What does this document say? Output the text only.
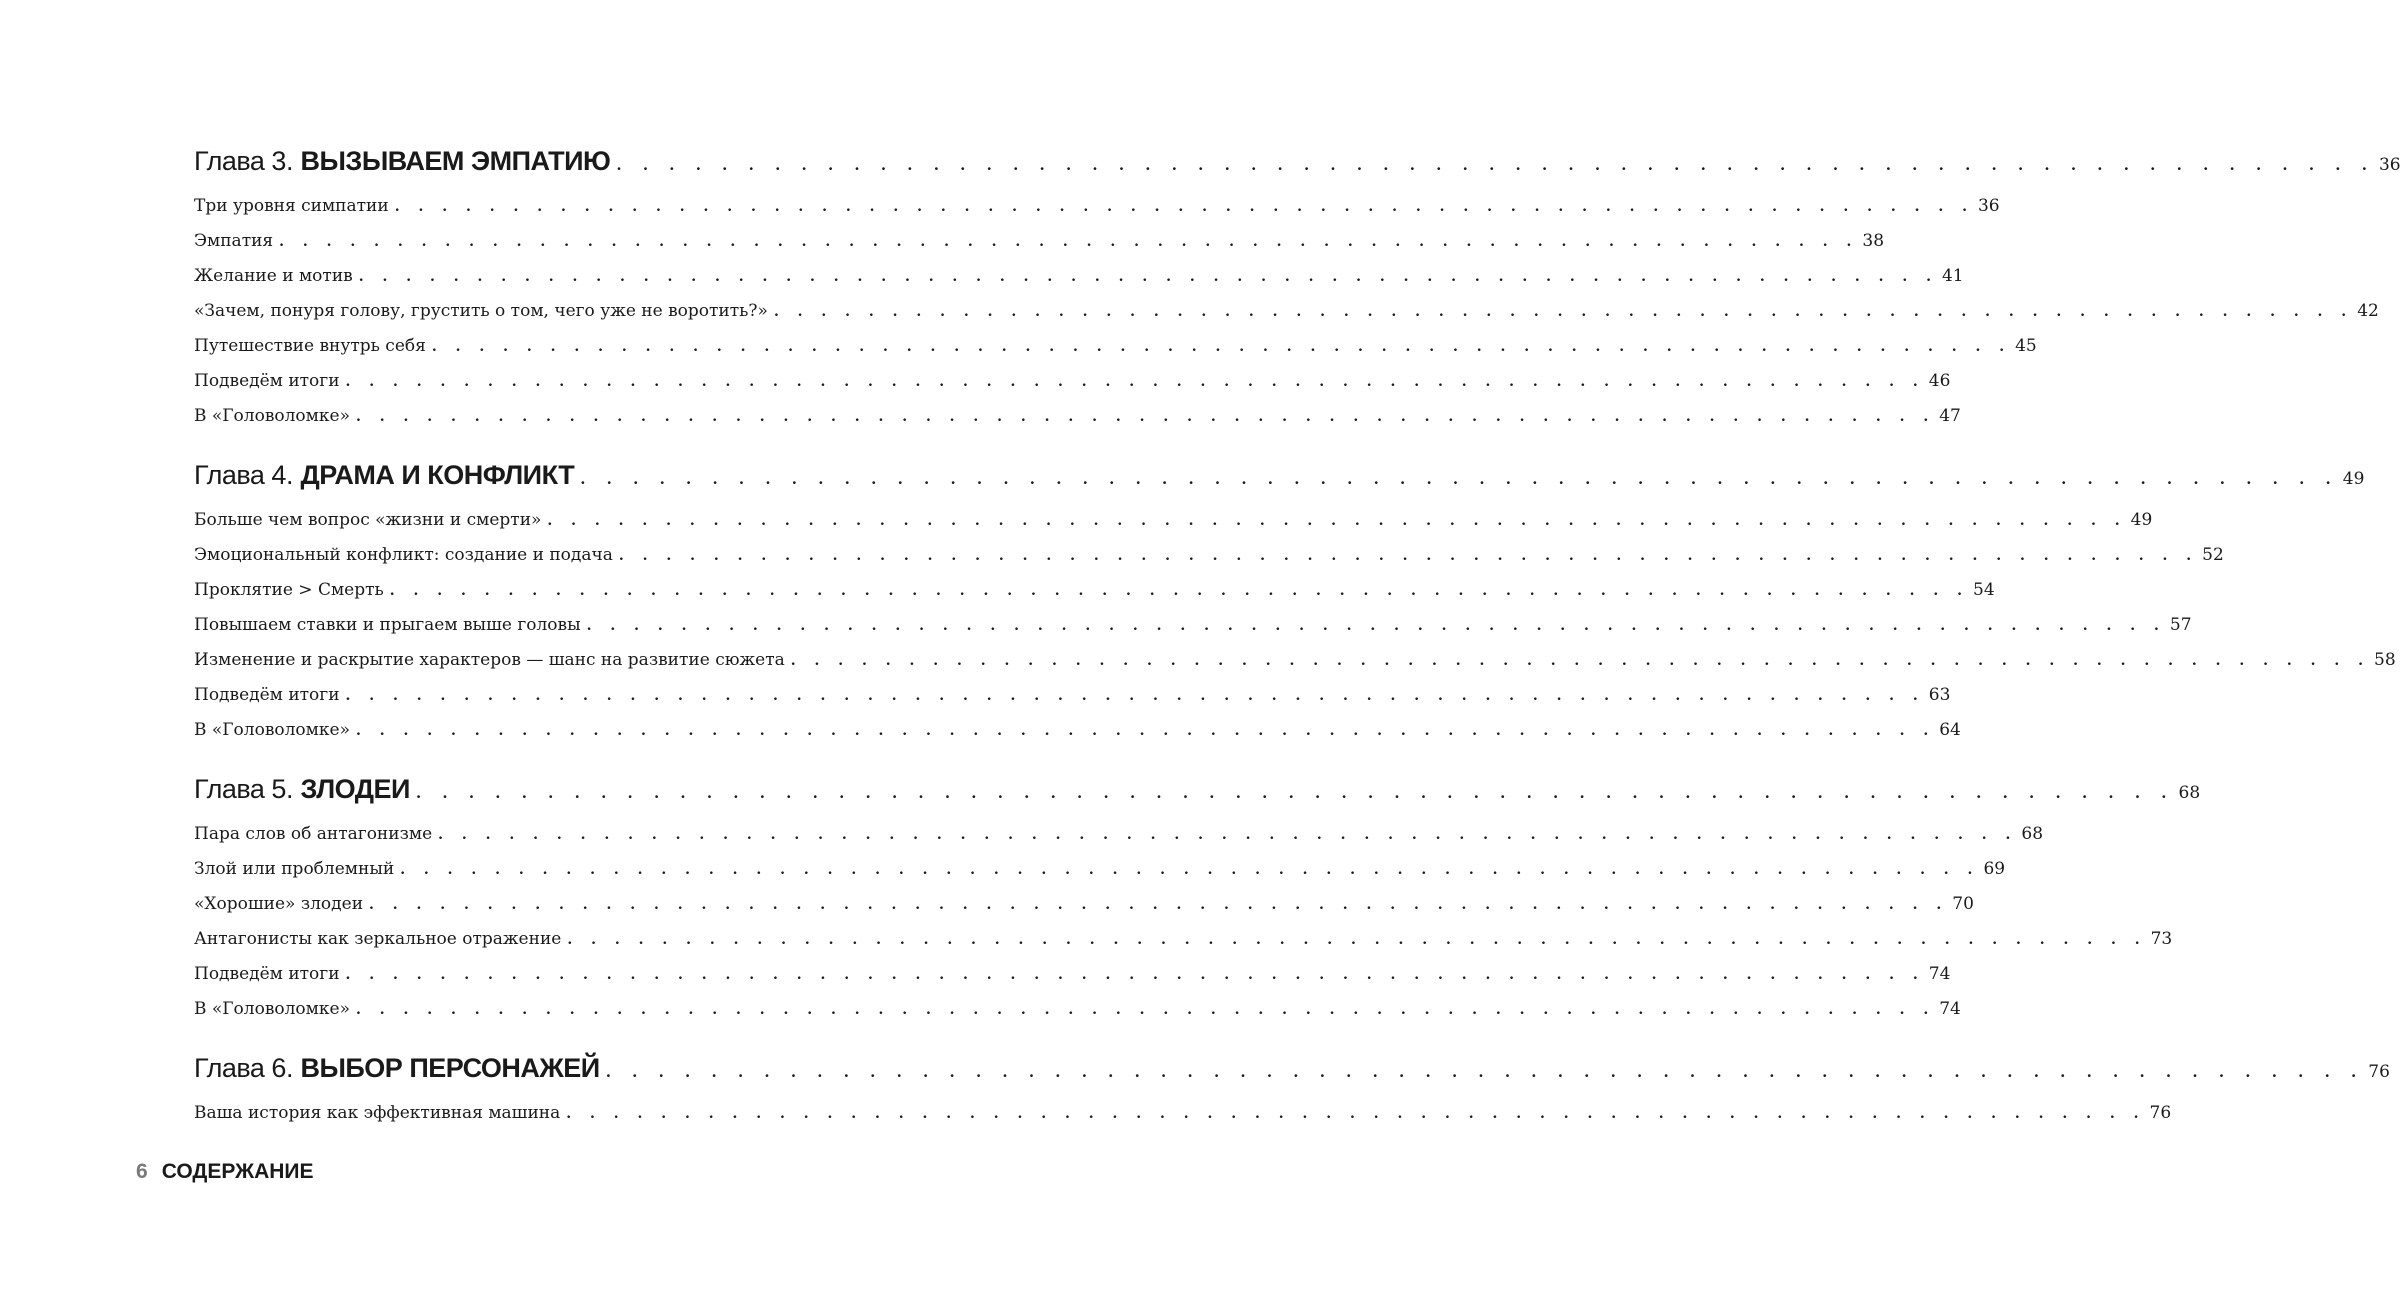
Глава 3. ВЫЗЫВАЕМ ЭМПАТИЮ . . . . . . . . . . . . . . . . . . . . . . . . . . . . . . . . . . . . . . . . . . . . . . . . . . . . . . . . . . . . . . . . . . . 36
Три уровня симпатии . . . . . . . . . . . . . . . . . . . . . . . . . . . . . . . . . . . . . . . . . . . . . . . . . . . . . . . . . . . . . . . . . . . 36
Эмпатия . . . . . . . . . . . . . . . . . . . . . . . . . . . . . . . . . . . . . . . . . . . . . . . . . . . . . . . . . . . . . . . . . . . 38
Желание и мотив . . . . . . . . . . . . . . . . . . . . . . . . . . . . . . . . . . . . . . . . . . . . . . . . . . . . . . . . . . . . . . . . . . . 41
«Зачем, понуря голову, грустить о том, чего уже не воротить?» . . . . . . . . . . . . . . . . . . . . . . . . . . . . . . . . . . . . . . . . . . . . . . . . . . . . . . . . . . . . . . . . . . . 42
Путешествие внутрь себя . . . . . . . . . . . . . . . . . . . . . . . . . . . . . . . . . . . . . . . . . . . . . . . . . . . . . . . . . . . . . . . . . . . 45
Подведём итоги . . . . . . . . . . . . . . . . . . . . . . . . . . . . . . . . . . . . . . . . . . . . . . . . . . . . . . . . . . . . . . . . . . . 46
В «Головоломке» . . . . . . . . . . . . . . . . . . . . . . . . . . . . . . . . . . . . . . . . . . . . . . . . . . . . . . . . . . . . . . . . . . . 47
Глава 4. ДРАМА И КОНФЛИКТ . . . . . . . . . . . . . . . . . . . . . . . . . . . . . . . . . . . . . . . . . . . . . . . . . . . . . . . . . . . . . . . . . . . 49
Больше чем вопрос «жизни и смерти» . . . . . . . . . . . . . . . . . . . . . . . . . . . . . . . . . . . . . . . . . . . . . . . . . . . . . . . . . . . . . . . . . . . 49
Эмоциональный конфликт: создание и подача . . . . . . . . . . . . . . . . . . . . . . . . . . . . . . . . . . . . . . . . . . . . . . . . . . . . . . . . . . . . . . . . . . . 52
Проклятие > Смерть . . . . . . . . . . . . . . . . . . . . . . . . . . . . . . . . . . . . . . . . . . . . . . . . . . . . . . . . . . . . . . . . . . . 54
Повышаем ставки и прыгаем выше головы . . . . . . . . . . . . . . . . . . . . . . . . . . . . . . . . . . . . . . . . . . . . . . . . . . . . . . . . . . . . . . . . . . . 57
Изменение и раскрытие характеров — шанс на развитие сюжета . . . . . . . . . . . . . . . . . . . . . . . . . . . . . . . . . . . . . . . . . . . . . . . . . . . . . . . . . . . . . . . . . . . 58
Подведём итоги . . . . . . . . . . . . . . . . . . . . . . . . . . . . . . . . . . . . . . . . . . . . . . . . . . . . . . . . . . . . . . . . . . . 63
В «Головоломке» . . . . . . . . . . . . . . . . . . . . . . . . . . . . . . . . . . . . . . . . . . . . . . . . . . . . . . . . . . . . . . . . . . . 64
Глава 5. ЗЛОДЕИ . . . . . . . . . . . . . . . . . . . . . . . . . . . . . . . . . . . . . . . . . . . . . . . . . . . . . . . . . . . . . . . . . . . 68
Пара слов об антагонизме . . . . . . . . . . . . . . . . . . . . . . . . . . . . . . . . . . . . . . . . . . . . . . . . . . . . . . . . . . . . . . . . . . . 68
Злой или проблемный . . . . . . . . . . . . . . . . . . . . . . . . . . . . . . . . . . . . . . . . . . . . . . . . . . . . . . . . . . . . . . . . . . . 69
«Хорошие» злодеи . . . . . . . . . . . . . . . . . . . . . . . . . . . . . . . . . . . . . . . . . . . . . . . . . . . . . . . . . . . . . . . . . . . 70
Антагонисты как зеркальное отражение . . . . . . . . . . . . . . . . . . . . . . . . . . . . . . . . . . . . . . . . . . . . . . . . . . . . . . . . . . . . . . . . . . . 73
Подведём итоги . . . . . . . . . . . . . . . . . . . . . . . . . . . . . . . . . . . . . . . . . . . . . . . . . . . . . . . . . . . . . . . . . . . 74
В «Головоломке» . . . . . . . . . . . . . . . . . . . . . . . . . . . . . . . . . . . . . . . . . . . . . . . . . . . . . . . . . . . . . . . . . . . 74
Глава 6. ВЫБОР ПЕРСОНАЖЕЙ . . . . . . . . . . . . . . . . . . . . . . . . . . . . . . . . . . . . . . . . . . . . . . . . . . . . . . . . . . . . . . . . . . . 76
Ваша история как эффективная машина . . . . . . . . . . . . . . . . . . . . . . . . . . . . . . . . . . . . . . . . . . . . . . . . . . . . . . . . . . . . . . . . . . . 76
6 СОДЕРЖАНИЕ
